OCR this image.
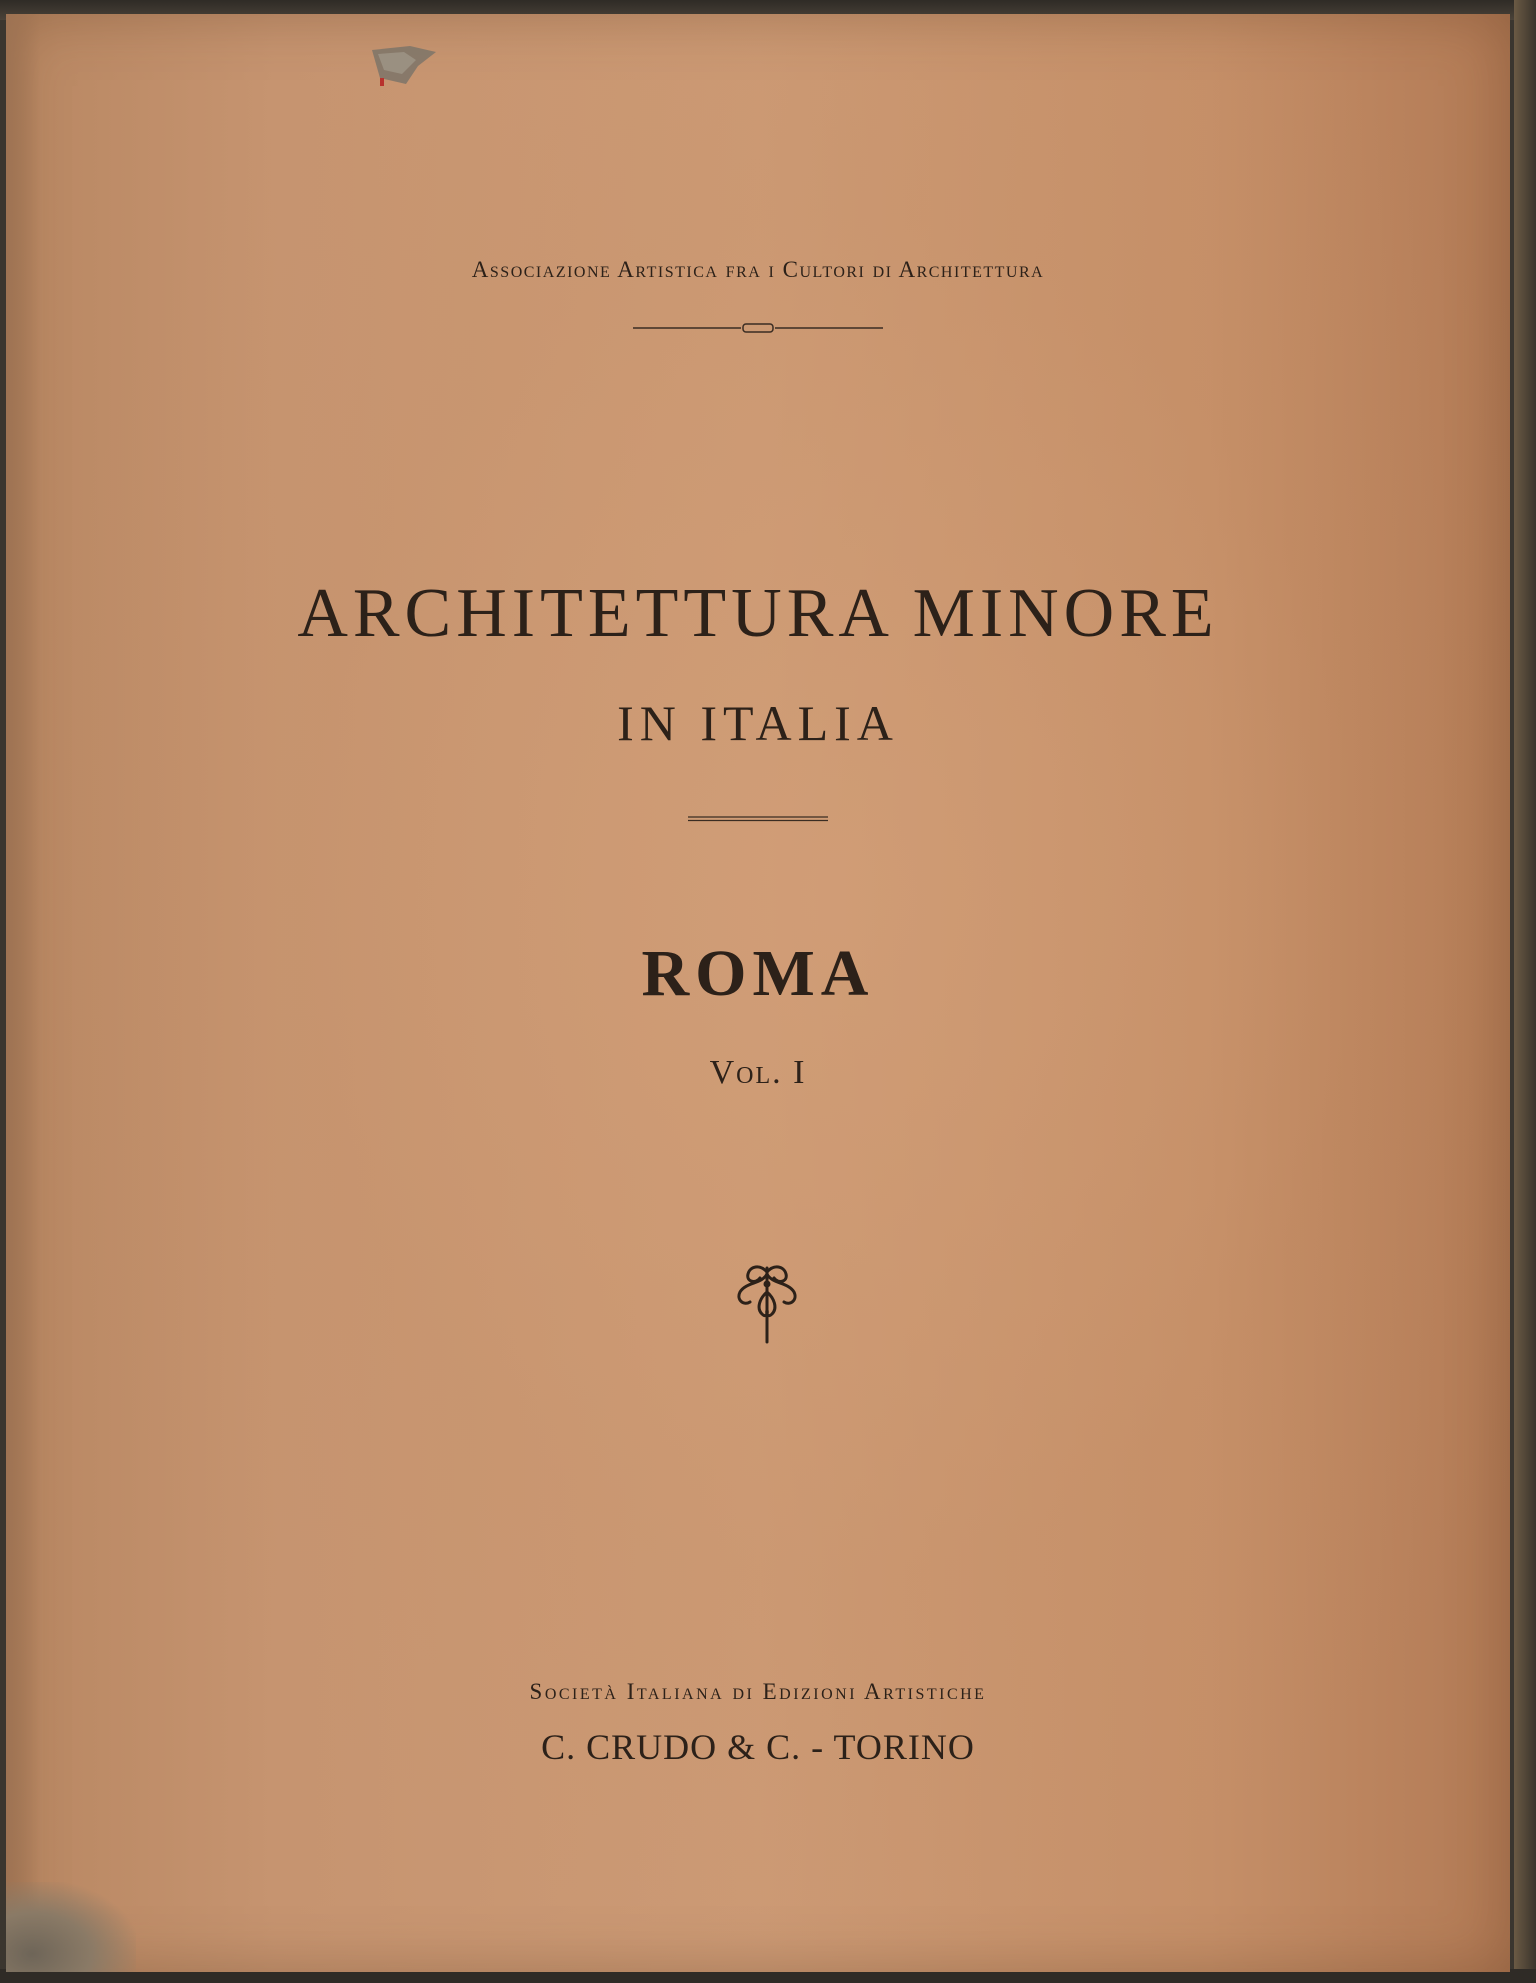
Associazione Artistica fra i Cultori di Architettura
ARCHITETTURA MINORE
IN ITALIA
ROMA
Vol. I
Società Italiana di Edizioni Artistiche
C. CRUDO & C. - TORINO
